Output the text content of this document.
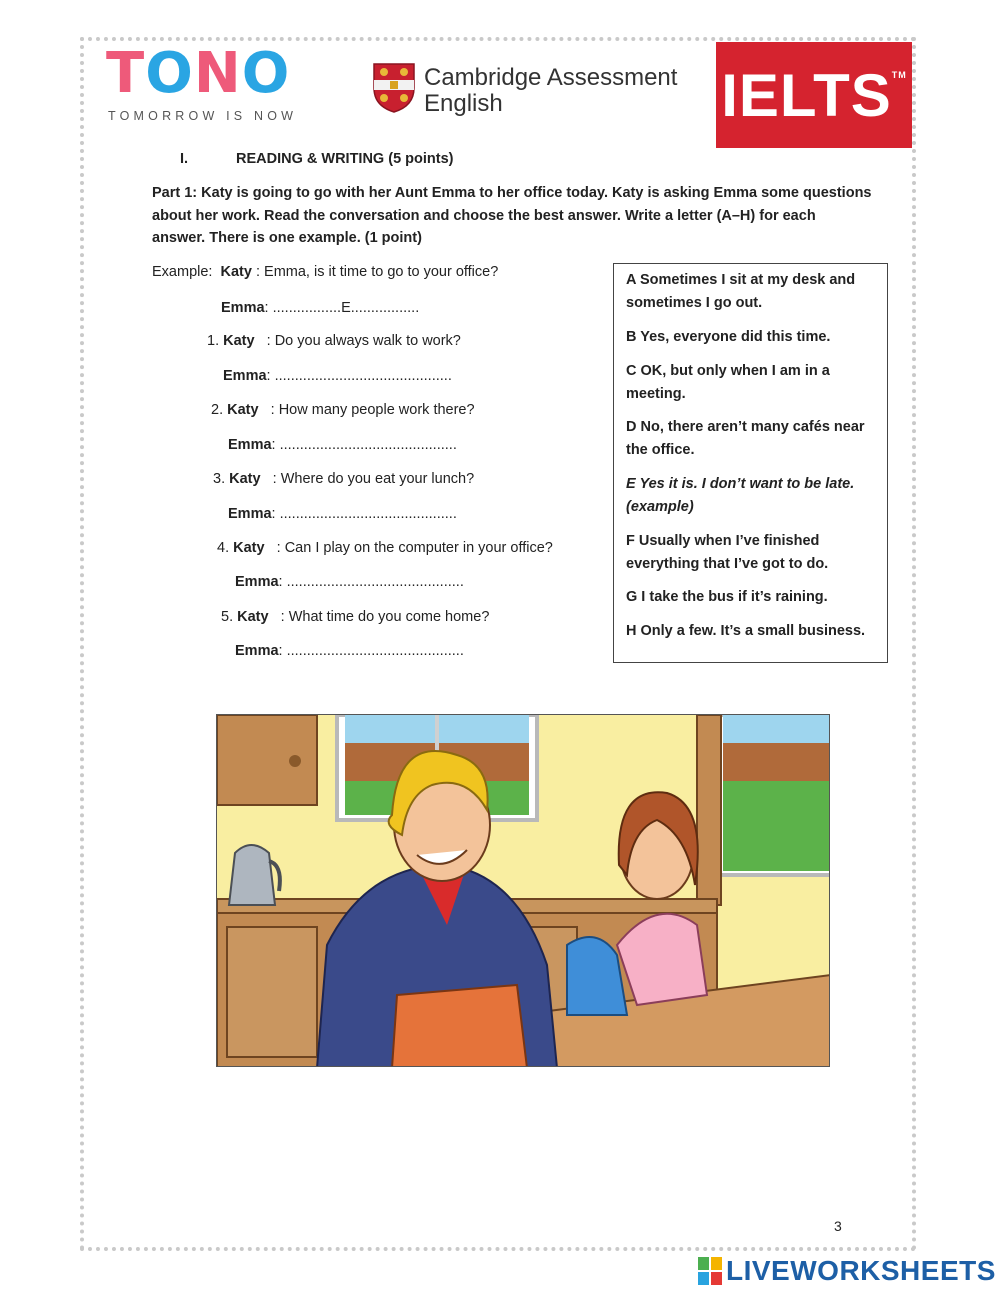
TONO
TOMORROW IS NOW
Cambridge Assessment
English	IELTS™
I.	READING & WRITING (5 points)
Part 1: Katy is going to go with her Aunt Emma to her office today. Katy is asking Emma some questions about her work. Read the conversation and choose the best answer. Write a letter (A–H) for each answer. There is one example. (1 point)
Example: Katy : Emma, is it time to go to your office?
Emma: .................E.................
1. Katy : Do you always walk to work?
Emma: ............................................
2. Katy : How many people work there?
Emma: ............................................
3. Katy : Where do you eat your lunch?
Emma: ............................................
4. Katy : Can I play on the computer in your office?
Emma: ............................................
5. Katy : What time do you come home?
Emma: ............................................
A Sometimes I sit at my desk and sometimes I go out.
B Yes, everyone did this time.
C OK, but only when I am in a meeting.
D No, there aren’t many cafés near the office.
E Yes it is. I don’t want to be late. (example)
F Usually when I’ve finished everything that I’ve got to do.
G I take the bus if it’s raining.
H Only a few. It’s a small business.
3
LIVEWORKSHEETS
